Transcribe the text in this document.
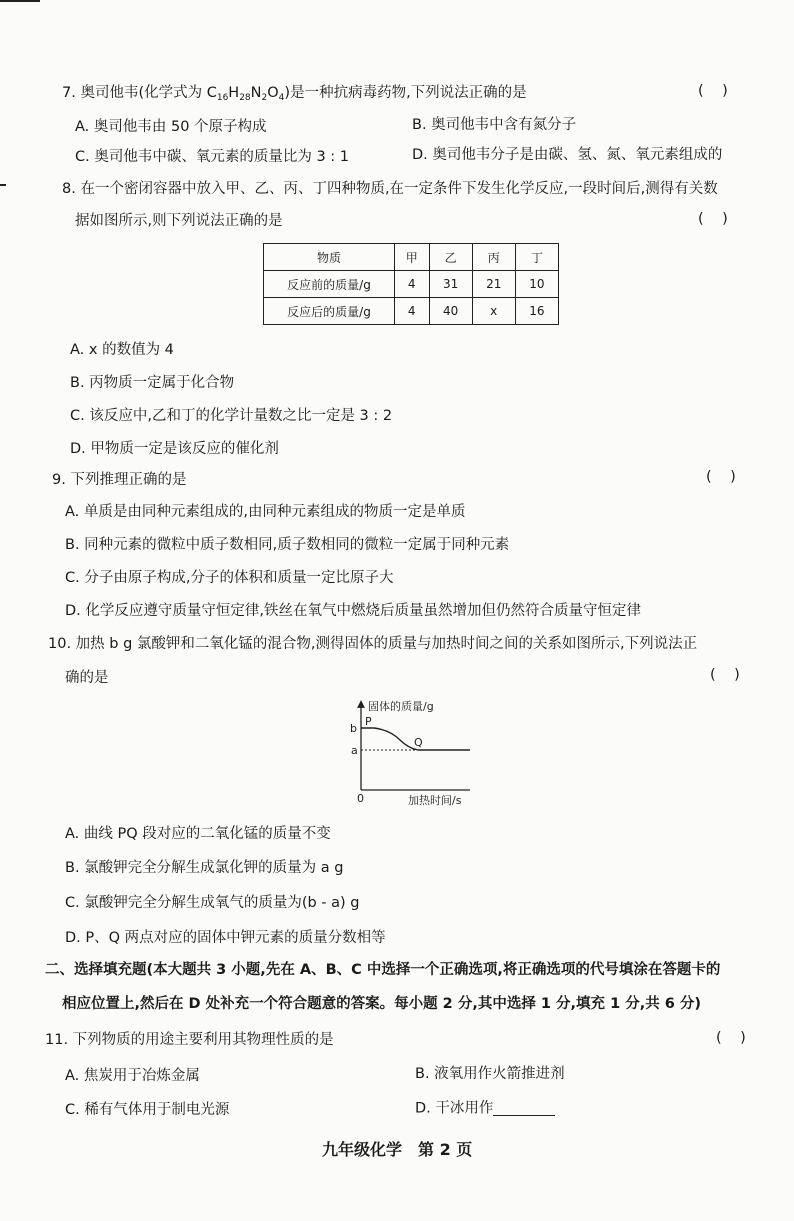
7. 奥司他韦(化学式为 $C_{16}H_{28}N_2O_4$)是一种抗病毒药物,下列说法正确的是	(    )
A. 奥司他韦由 50 个原子构成	B. 奥司他韦中含有氮分子
C. 奥司他韦中碳、氧元素的质量比为 3 : 1	D. 奥司他韦分子是由碳、氢、氮、氧元素组成的
8. 在一个密闭容器中放入甲、乙、丙、丁四种物质,在一定条件下发生化学反应,一段时间后,测得有关数
据如图所示,则下列说法正确的是	(    )
物质	甲	乙	丙	丁
反应前的质量/g	4	31	21	10
反应后的质量/g	4	40	x	16
A. x 的数值为 4
B. 丙物质一定属于化合物
C. 该反应中,乙和丁的化学计量数之比一定是 3 : 2
D. 甲物质一定是该反应的催化剂
9. 下列推理正确的是	(    )
A. 单质是由同种元素组成的,由同种元素组成的物质一定是单质
B. 同种元素的微粒中质子数相同,质子数相同的微粒一定属于同种元素
C. 分子由原子构成,分子的体积和质量一定比原子大
D. 化学反应遵守质量守恒定律,铁丝在氧气中燃烧后质量虽然增加但仍然符合质量守恒定律
10. 加热 b g 氯酸钾和二氧化锰的混合物,测得固体的质量与加热时间之间的关系如图所示,下列说法正
确的是	(    )
固体的质量/g
b
a
P
Q
0	加热时间/s
A. 曲线 PQ 段对应的二氧化锰的质量不变
B. 氯酸钾完全分解生成氯化钾的质量为 a g
C. 氯酸钾完全分解生成氧气的质量为(b - a) g
D. P、Q 两点对应的固体中钾元素的质量分数相等
二、选择填充题(本大题共 3 小题,先在 A、B、C 中选择一个正确选项,将正确选项的代号填涂在答题卡的
相应位置上,然后在 D 处补充一个符合题意的答案。每小题 2 分,其中选择 1 分,填充 1 分,共 6 分)
11. 下列物质的用途主要利用其物理性质的是	(    )
A. 焦炭用于冶炼金属	B. 液氧用作火箭推进剂
C. 稀有气体用于制电光源	D. 干冰用作
九年级化学　第 2 页
